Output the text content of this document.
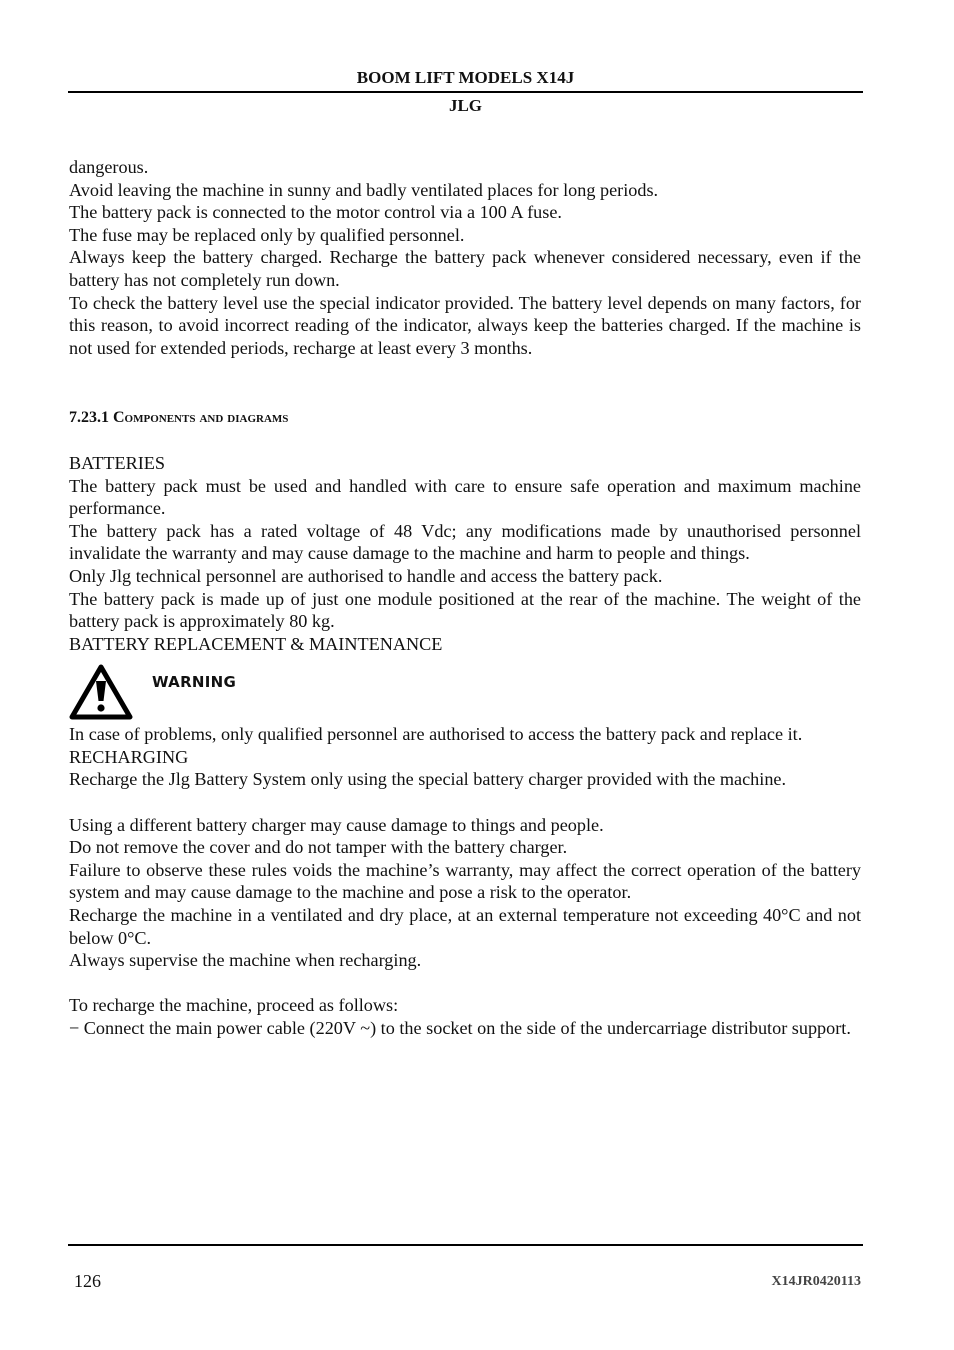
BOOM LIFT MODELS X14J
JLG

dangerous.

Avoid leaving the machine in sunny and badly ventilated places for long periods.

The battery pack is connected to the motor control via a 100 A fuse.

The fuse may be replaced only by qualified personnel.

Always keep the battery charged. Recharge the battery pack whenever considered necessary, even if the battery has not completely run down.

To check the battery level use the special indicator provided. The battery level depends on many factors, for this reason, to avoid incorrect reading of the indicator, always keep the batteries charged. If the machine is not used for extended periods, recharge at least every 3 months.

7.23.1 Components and diagrams

BATTERIES

The battery pack must be used and handled with care to ensure safe operation and maximum machine performance.

The battery pack has a rated voltage of 48 Vdc; any modifications made by unauthorised personnel invalidate the warranty and may cause damage to the machine and harm to people and things.

Only Jlg technical personnel are authorised to handle and access the battery pack.

The battery pack is made up of just one module positioned at the rear of the machine. The weight of the battery pack is approximately 80 kg.

BATTERY REPLACEMENT & MAINTENANCE

WARNING

In case of problems, only qualified personnel are authorised to access the battery pack and replace it.

RECHARGING

Recharge the Jlg Battery System only using the special battery charger provided with the machine.

Using a different battery charger may cause damage to things and people.

Do not remove the cover and do not tamper with the battery charger.

Failure to observe these rules voids the machine’s warranty, may affect the correct operation of the battery system and may cause damage to the machine and pose a risk to the operator.

Recharge the machine in a ventilated and dry place, at an external temperature not exceeding 40°C and not below 0°C.

Always supervise the machine when recharging.

To recharge the machine, proceed as follows:

− Connect the main power cable (220V ~) to the socket on the side of the undercarriage distributor support.

126	X14JR0420113
